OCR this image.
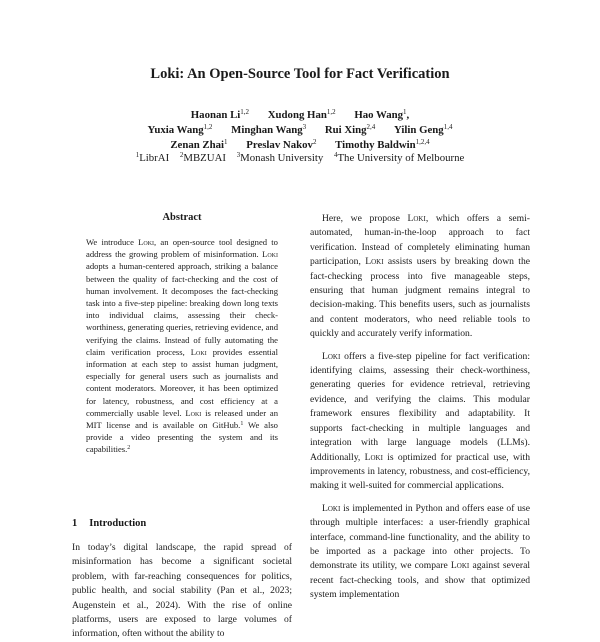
Loki: An Open-Source Tool for Fact Verification
Haonan Li$^{1,2}$ Xudong Han$^{1,2}$ Hao Wang$^1$,
Yuxia Wang$^{1,2}$ Minghan Wang$^3$ Rui Xing$^{2,4}$ Yilin Geng$^{1,4}$
Zenan Zhai$^1$ Preslav Nakov$^2$ Timothy Baldwin$^{1,2,4}$
$^1$LibrAI $^2$MBZUAI $^3$Monash University $^4$The University of Melbourne
Abstract
We introduce Loki, an open-source tool designed to address the growing problem of misinformation. Loki adopts a human-centered approach, striking a balance between the quality of fact-checking and the cost of human involvement. It decomposes the fact-checking task into a five-step pipeline: breaking down long texts into individual claims, assessing their check-worthiness, generating queries, retrieving evidence, and verifying the claims. Instead of fully automating the claim verification process, Loki provides essential information at each step to assist human judgment, especially for general users such as journalists and content moderators. Moreover, it has been optimized for latency, robustness, and cost efficiency at a commercially usable level. Loki is released under an MIT license and is available on GitHub.$^1$ We also provide a video presenting the system and its capabilities.$^2$
1 Introduction
In today’s digital landscape, the rapid spread of misinformation has become a significant societal problem, with far-reaching consequences for politics, public health, and social stability (Pan et al., 2023; Augenstein et al., 2024). With the rise of online platforms, users are exposed to large volumes of information, often without the ability to

Here, we propose Loki, which offers a semi-automated, human-in-the-loop approach to fact verification. Instead of completely eliminating human participation, Loki assists users by breaking down the fact-checking process into five manageable steps, ensuring that human judgment remains integral to decision-making. This benefits users, such as journalists and content moderators, who need reliable tools to quickly and accurately verify information.

Loki offers a five-step pipeline for fact verification: identifying claims, assessing their check-worthiness, generating queries for evidence retrieval, retrieving evidence, and verifying the claims. This modular framework ensures flexibility and adaptability. It supports fact-checking in multiple languages and integration with large language models (LLMs). Additionally, Loki is optimized for practical use, with improvements in latency, robustness, and cost-efficiency, making it well-suited for commercial applications.

Loki is implemented in Python and offers ease of use through multiple interfaces: a user-friendly graphical interface, command-line functionality, and the ability to be imported as a package into other projects. To demonstrate its utility, we compare Loki against several recent fact-checking tools, and show that optimized system implementation
